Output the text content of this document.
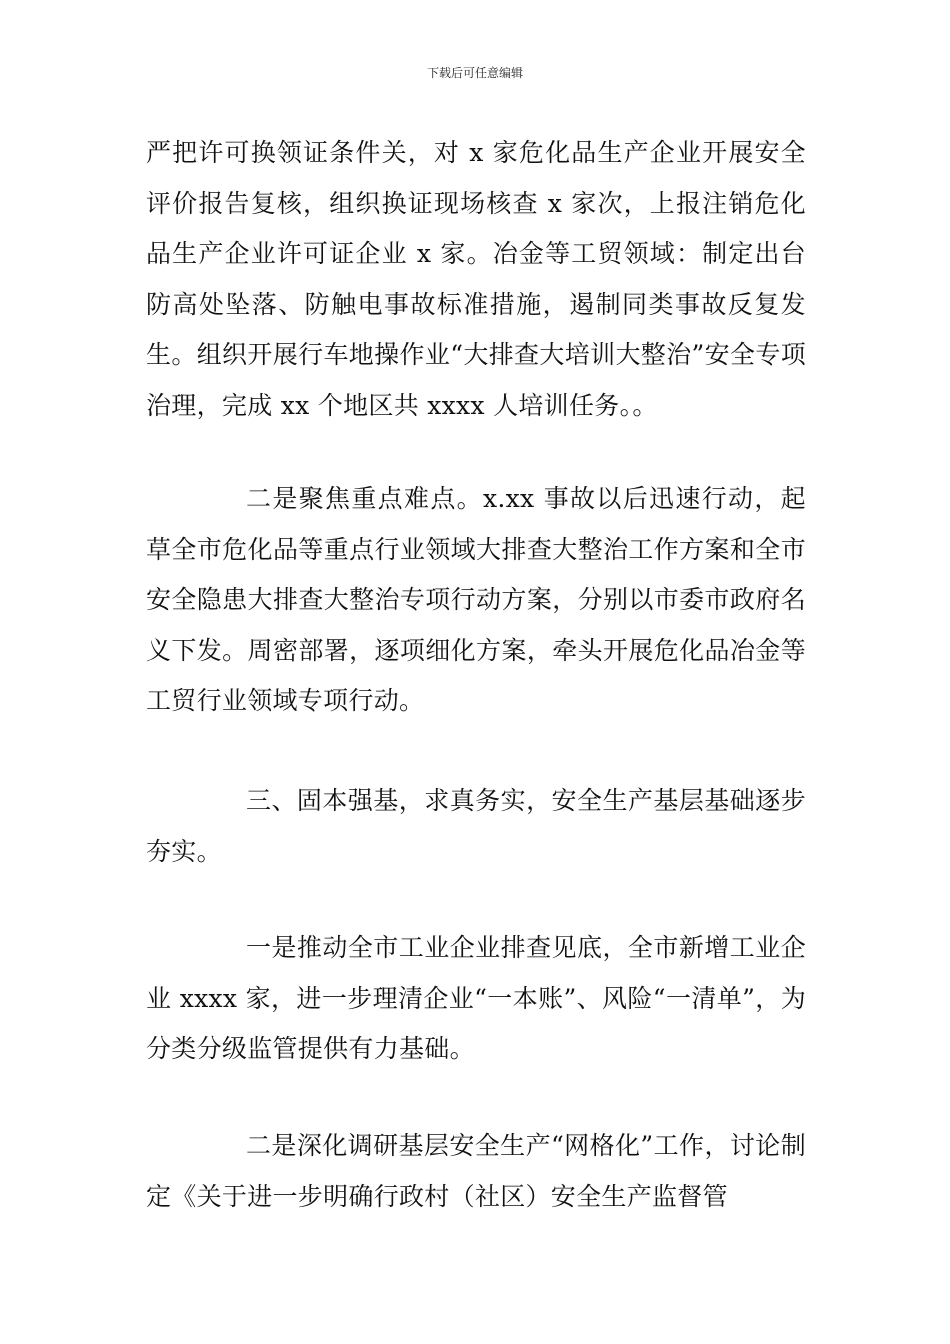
下载后可任意编辑

严把许可换领证条件关，对 x 家危化品生产企业开展安全评价报告复核，组织换证现场核查 x 家次，上报注销危化品生产企业许可证企业 x 家。冶金等工贸领域：制定出台防高处坠落、防触电事故标准措施，遏制同类事故反复发生。组织开展行车地操作业“大排查大培训大整治”安全专项治理，完成 xx 个地区共 xxxx 人培训任务。。

二是聚焦重点难点。x.xx 事故以后迅速行动，起草全市危化品等重点行业领域大排查大整治工作方案和全市安全隐患大排查大整治专项行动方案，分别以市委市政府名义下发。周密部署，逐项细化方案，牵头开展危化品冶金等工贸行业领域专项行动。

三、固本强基，求真务实，安全生产基层基础逐步夯实。

一是推动全市工业企业排查见底，全市新增工业企业 xxxx 家，进一步理清企业“一本账”、风险“一清单”，为分类分级监管提供有力基础。

二是深化调研基层安全生产“网格化”工作，讨论制定《关于进一步明确行政村（社区）安全生产监督管
